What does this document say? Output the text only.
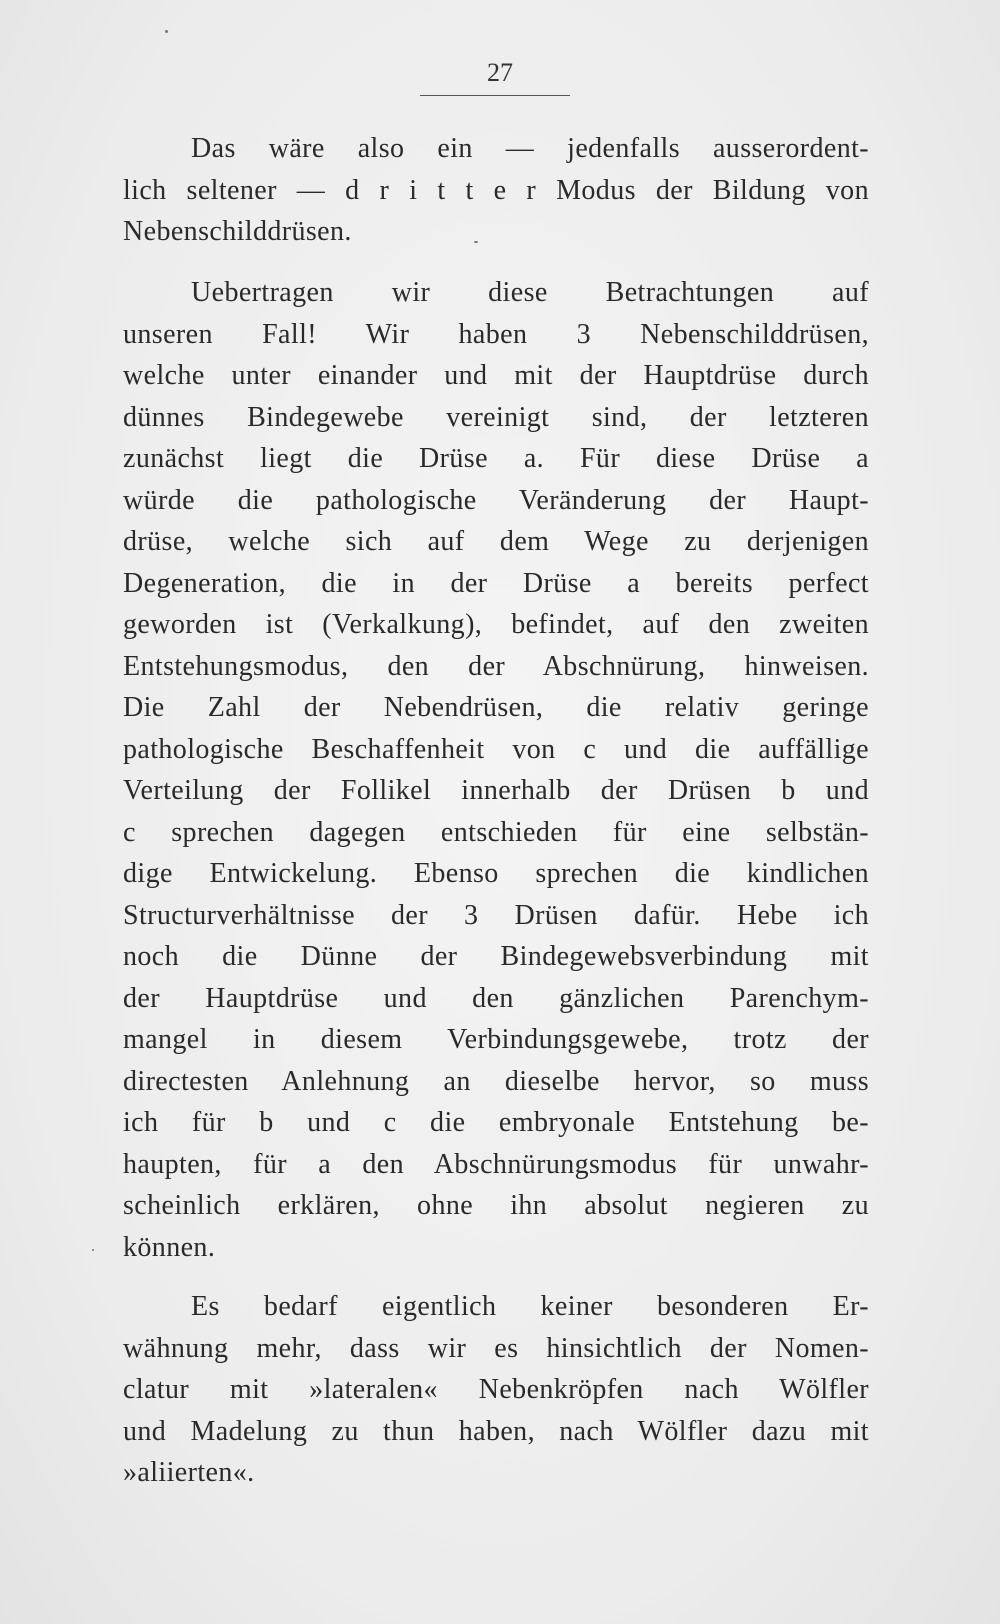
27
Das wäre also ein — jedenfalls ausserordent-
lich seltener — d r i t t e r Modus der Bildung von
Nebenschilddrüsen.
Uebertragen wir diese Betrachtungen auf
unseren Fall! Wir haben 3 Nebenschilddrüsen,
welche unter einander und mit der Hauptdrüse durch
dünnes Bindegewebe vereinigt sind, der letzteren
zunächst liegt die Drüse a. Für diese Drüse a
würde die pathologische Veränderung der Haupt-
drüse, welche sich auf dem Wege zu derjenigen
Degeneration, die in der Drüse a bereits perfect
geworden ist (Verkalkung), befindet, auf den zweiten
Entstehungsmodus, den der Abschnürung, hinweisen.
Die Zahl der Nebendrüsen, die relativ geringe
pathologische Beschaffenheit von c und die auffällige
Verteilung der Follikel innerhalb der Drüsen b und
c sprechen dagegen entschieden für eine selbstän-
dige Entwickelung. Ebenso sprechen die kindlichen
Structurverhältnisse der 3 Drüsen dafür. Hebe ich
noch die Dünne der Bindegewebsverbindung mit
der Hauptdrüse und den gänzlichen Parenchym-
mangel in diesem Verbindungsgewebe, trotz der
directesten Anlehnung an dieselbe hervor, so muss
ich für b und c die embryonale Entstehung be-
haupten, für a den Abschnürungsmodus für unwahr-
scheinlich erklären, ohne ihn absolut negieren zu
können.
Es bedarf eigentlich keiner besonderen Er-
wähnung mehr, dass wir es hinsichtlich der Nomen-
clatur mit »lateralen« Nebenkröpfen nach Wölfler
und Madelung zu thun haben, nach Wölfler dazu mit
»aliierten«.
